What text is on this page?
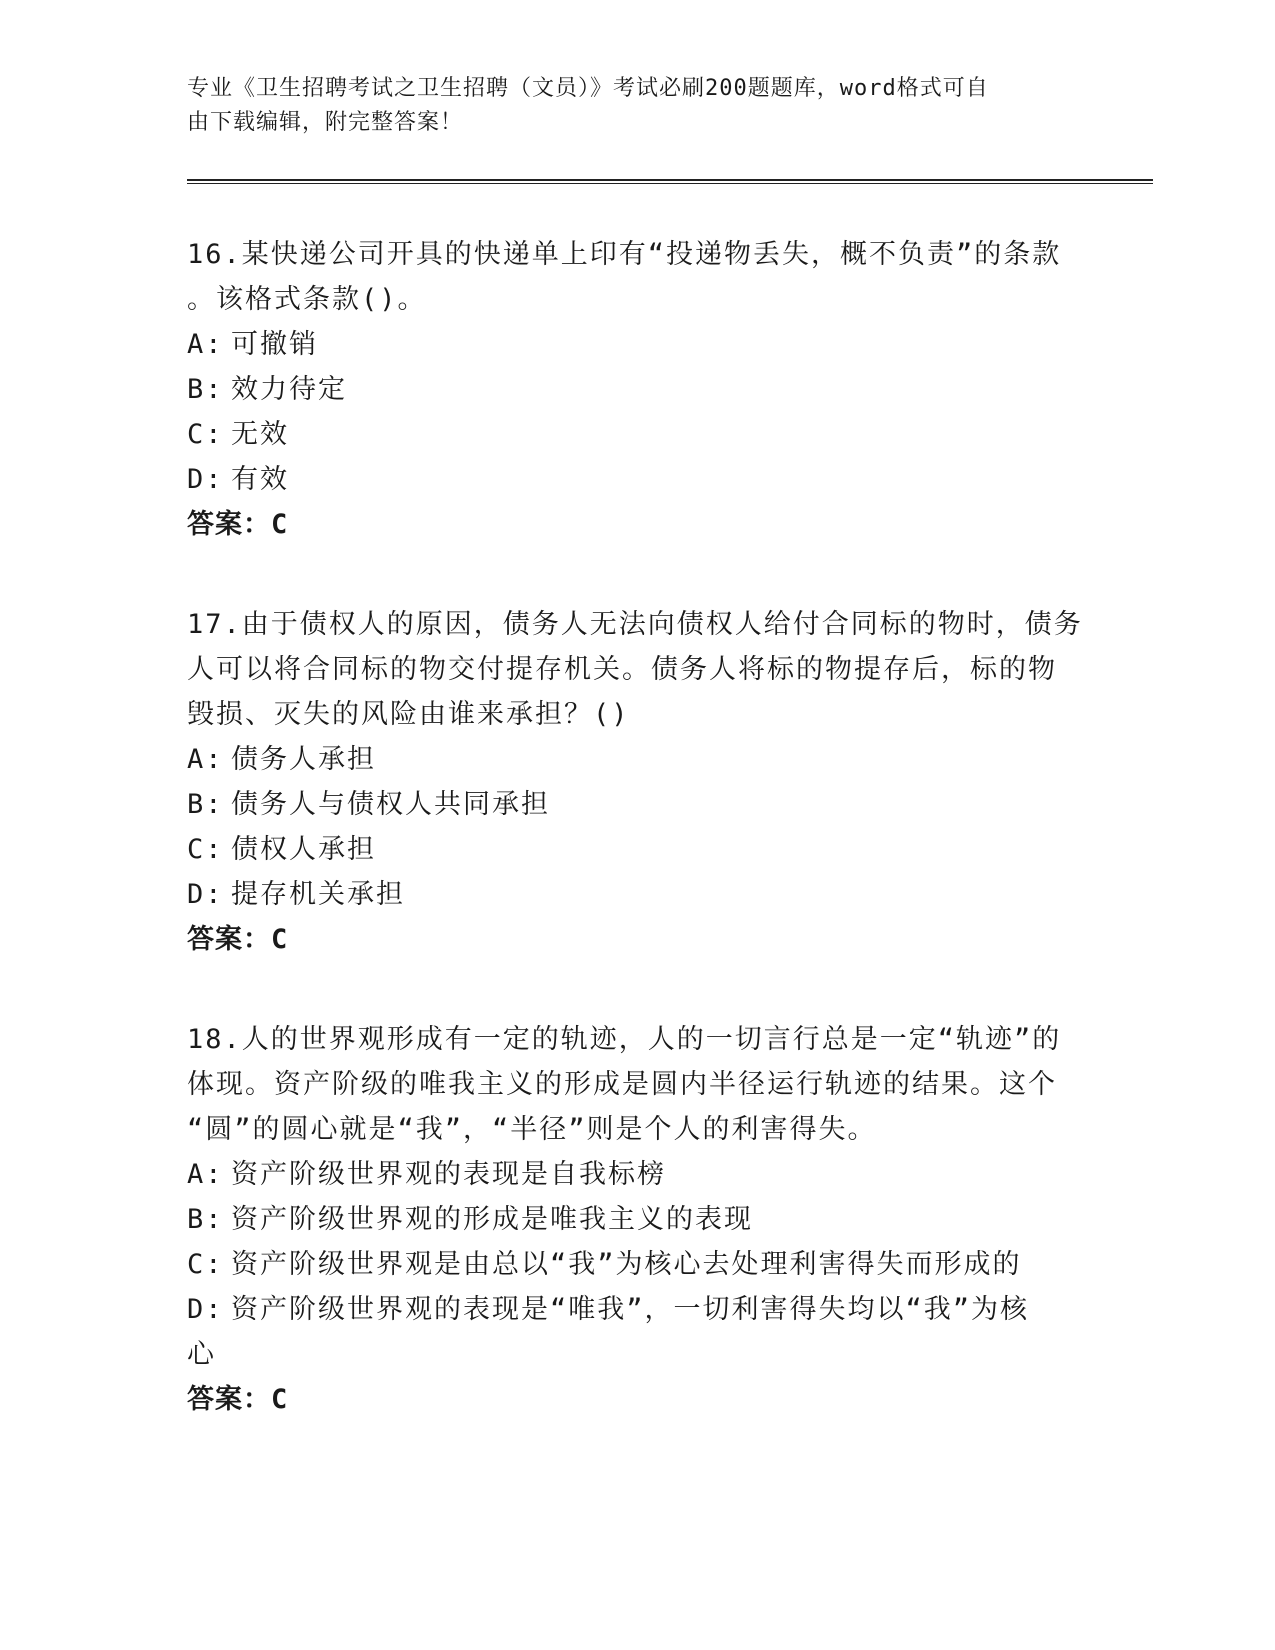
专业《卫生招聘考试之卫生招聘（文员）》考试必刷200题题库，word格式可自
由下载编辑，附完整答案！
16.某快递公司开具的快递单上印有“投递物丢失，概不负责”的条款
。该格式条款()。
A: 可撤销
B: 效力待定
C: 无效
D: 有效
答案：C
17.由于债权人的原因，债务人无法向债权人给付合同标的物时，债务
人可以将合同标的物交付提存机关。债务人将标的物提存后，标的物
毁损、灭失的风险由谁来承担？()
A: 债务人承担
B: 债务人与债权人共同承担
C: 债权人承担
D: 提存机关承担
答案：C
18.人的世界观形成有一定的轨迹，人的一切言行总是一定“轨迹”的
体现。资产阶级的唯我主义的形成是圆内半径运行轨迹的结果。这个
“圆”的圆心就是“我”，“半径”则是个人的利害得失。
A: 资产阶级世界观的表现是自我标榜
B: 资产阶级世界观的形成是唯我主义的表现
C: 资产阶级世界观是由总以“我”为核心去处理利害得失而形成的
D: 资产阶级世界观的表现是“唯我”，一切利害得失均以“我”为核
心
答案：C
